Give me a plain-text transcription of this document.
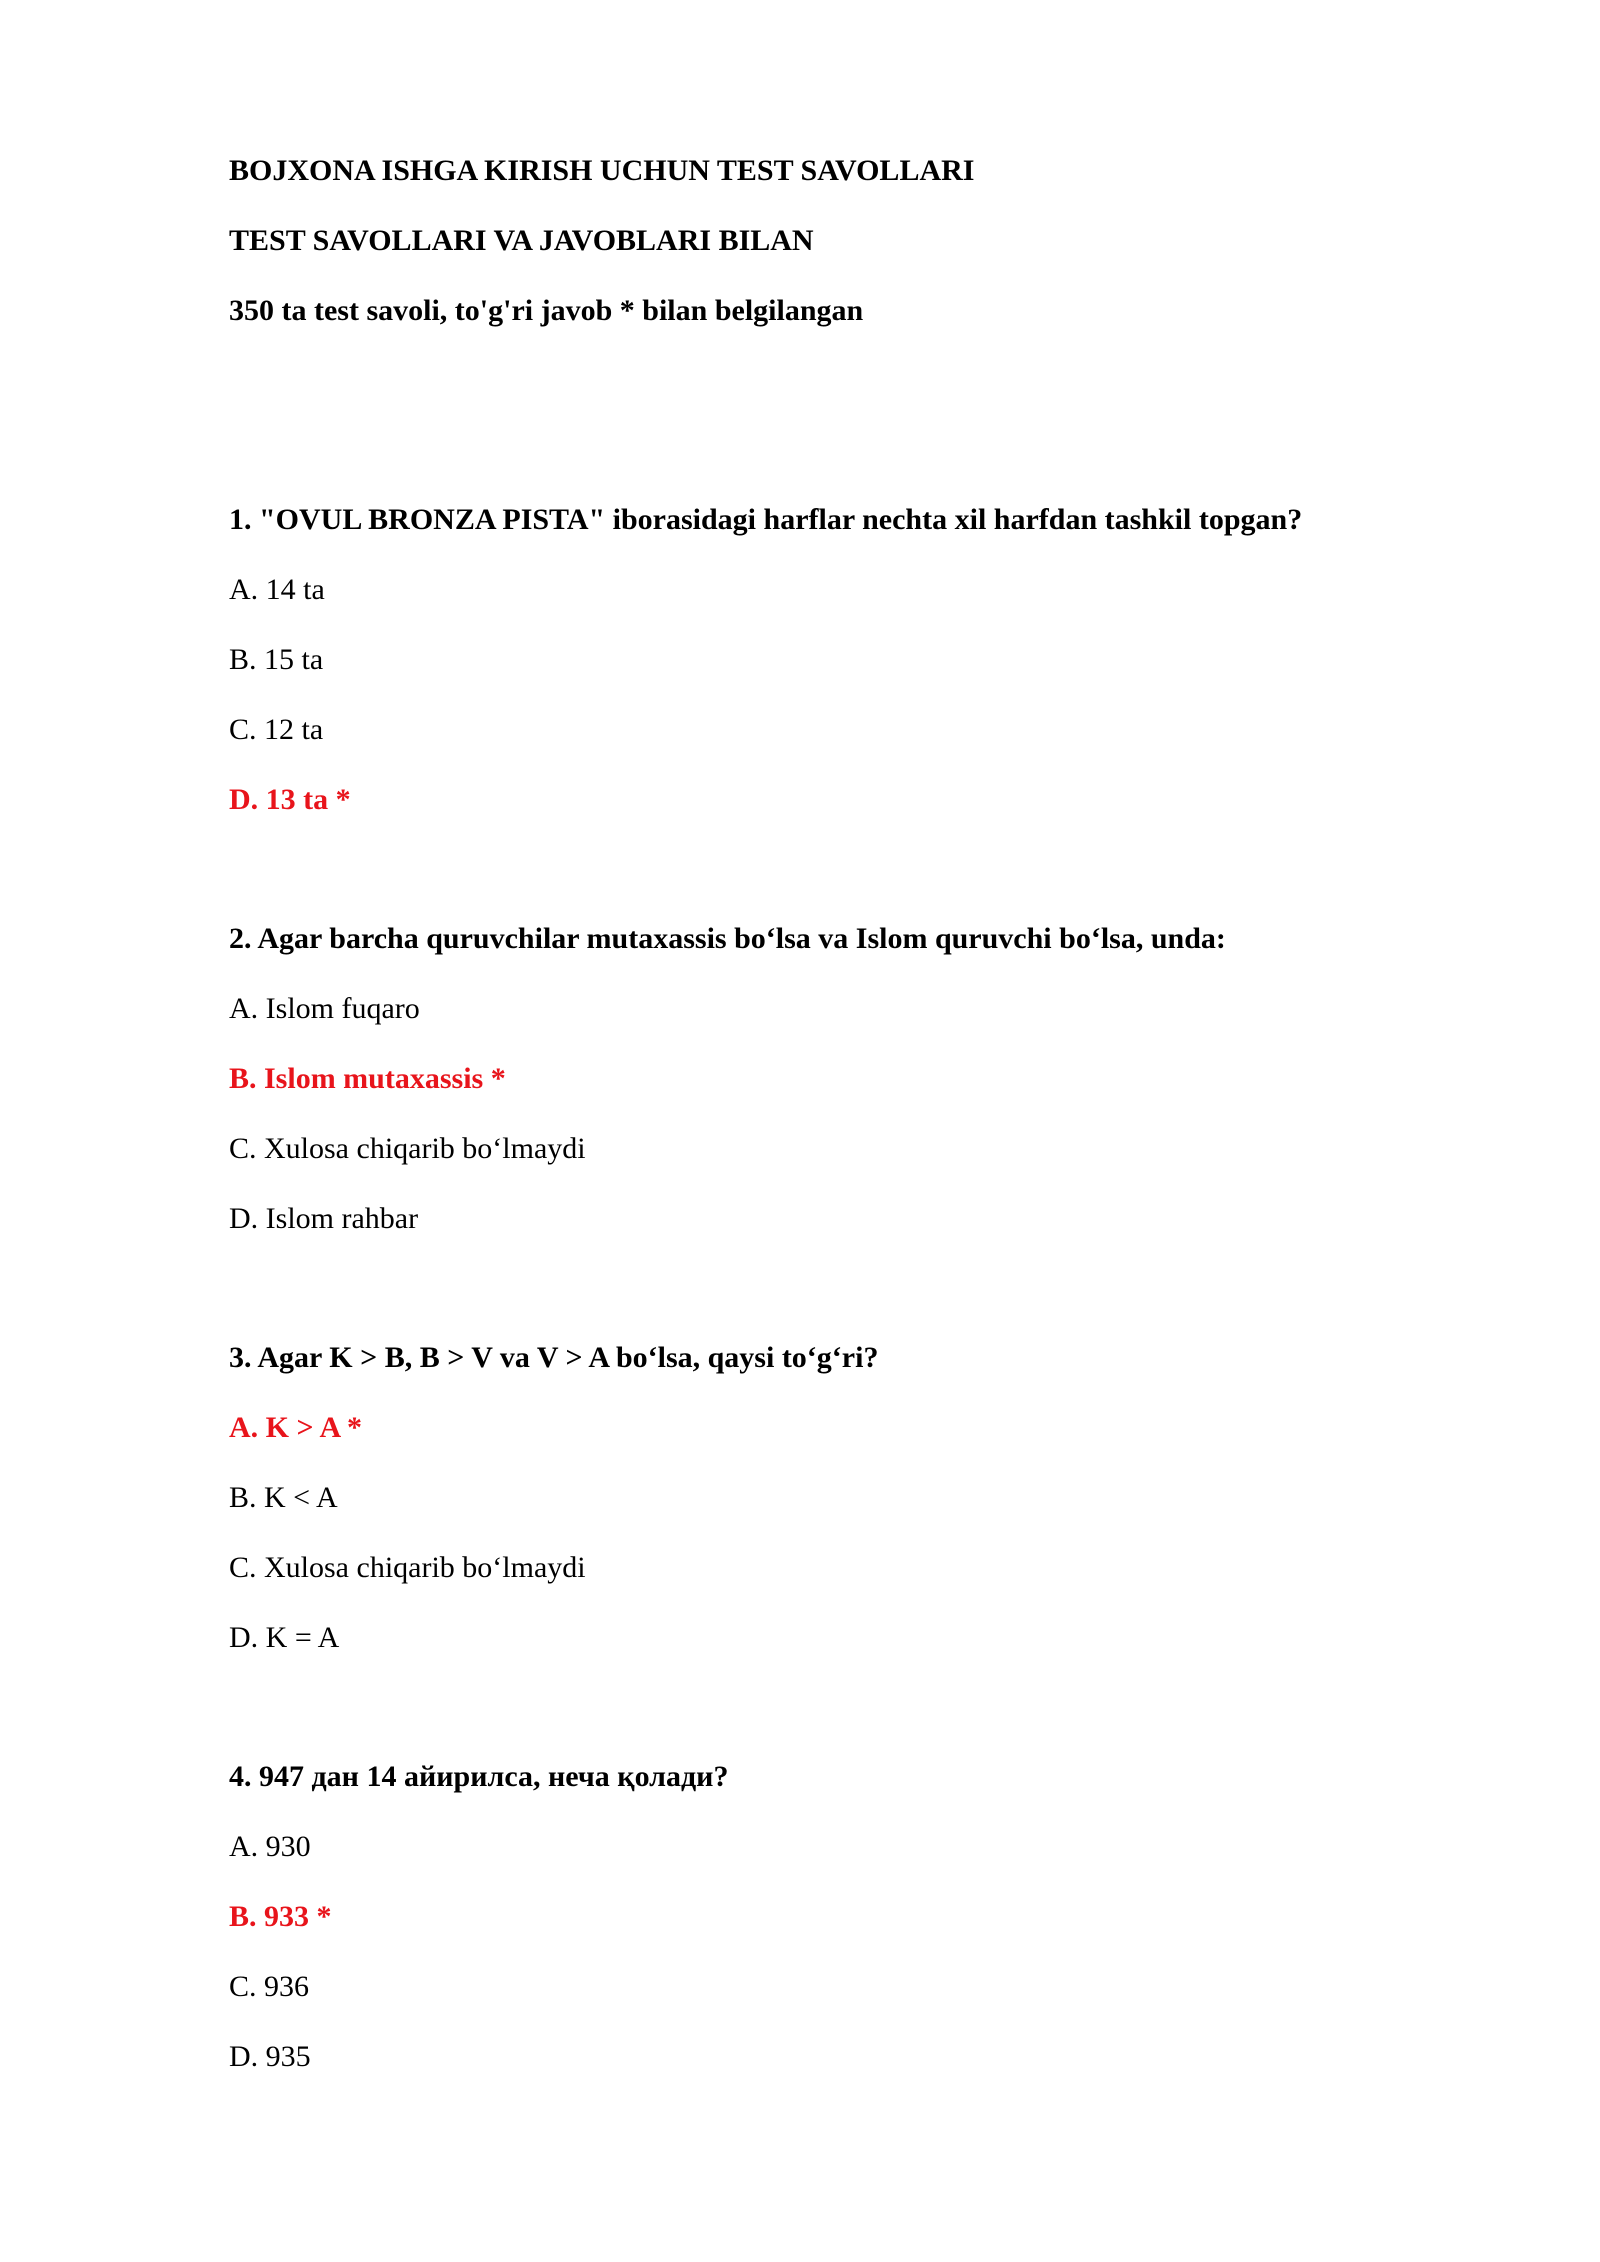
BOJXONA ISHGA KIRISH UCHUN TEST SAVOLLARI
TEST SAVOLLARI VA JAVOBLARI BILAN
350 ta test savoli, to'g'ri javob * bilan belgilangan
1. "OVUL BRONZA PISTA" iborasidagi harflar nechta xil harfdan tashkil topgan?
A. 14 ta
B. 15 ta
C. 12 ta
D. 13 ta *
2. Agar barcha quruvchilar mutaxassis bo‘lsa va Islom quruvchi bo‘lsa, unda:
A. Islom fuqaro
B. Islom mutaxassis *
C. Xulosa chiqarib bo‘lmaydi
D. Islom rahbar
3. Agar K > B, B > V va V > A bo‘lsa, qaysi to‘g‘ri?
A. K > A *
B. K < A
C. Xulosa chiqarib bo‘lmaydi
D. K = A
4. 947 дан 14 айирилса, неча қолади?
A. 930
B. 933 *
C. 936
D. 935
